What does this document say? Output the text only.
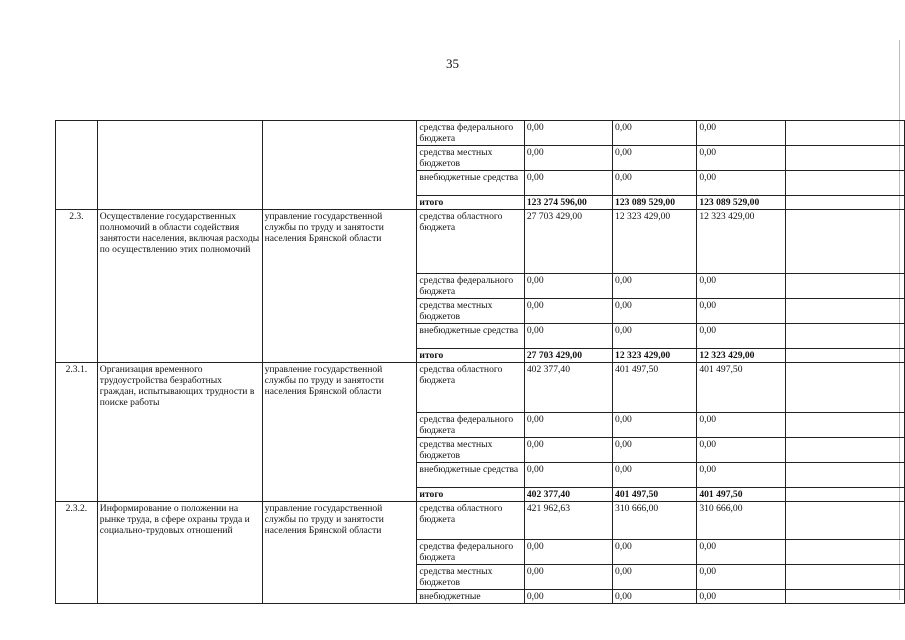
35
			средства федерального бюджета	0,00	0,00	0,00	
			средства местных бюджетов	0,00	0,00	0,00	
			внебюджетные средства	0,00	0,00	0,00	
			итого	123 274 596,00	123 089 529,00	123 089 529,00	
2.3.	Осуществление государственных полномочий в области содействия занятости населения, включая расходы по осуществлению этих полномочий	управление государственной службы по труду и занятости населения Брянской области	средства областного бюджета	27 703 429,00	12 323 429,00	12 323 429,00	
			средства федерального бюджета	0,00	0,00	0,00	
			средства местных бюджетов	0,00	0,00	0,00	
			внебюджетные средства	0,00	0,00	0,00	
			итого	27 703 429,00	12 323 429,00	12 323 429,00	
2.3.1.	Организация временного трудоустройства безработных граждан, испытывающих трудности в поиске работы	управление государственной службы по труду и занятости населения Брянской области	средства областного бюджета	402 377,40	401 497,50	401 497,50	
			средства федерального бюджета	0,00	0,00	0,00	
			средства местных бюджетов	0,00	0,00	0,00	
			внебюджетные средства	0,00	0,00	0,00	
			итого	402 377,40	401 497,50	401 497,50	
2.3.2.	Информирование о положении на рынке труда, в сфере охраны труда и социально-трудовых отношений	управление государственной службы по труду и занятости населения Брянской области	средства областного бюджета	421 962,63	310 666,00	310 666,00	
			средства федерального бюджета	0,00	0,00	0,00	
			средства местных бюджетов	0,00	0,00	0,00	
			внебюджетные	0,00	0,00	0,00	
